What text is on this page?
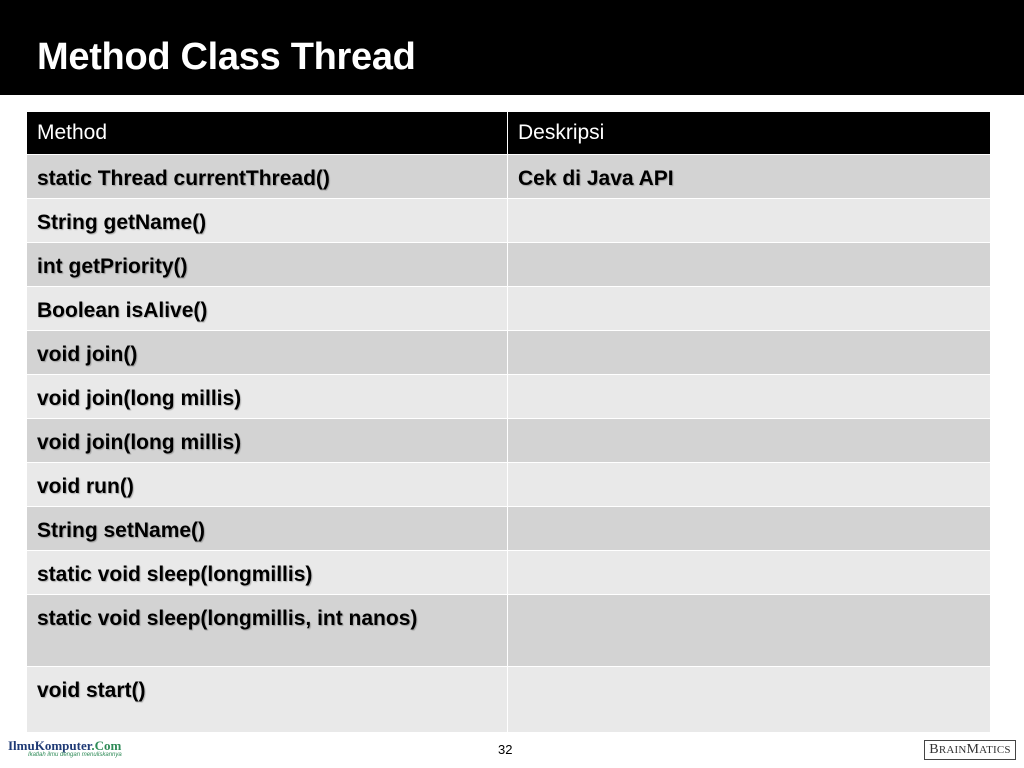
Method Class Thread
Method	Deskripsi
static Thread currentThread()	Cek di Java API
String getName()	
int getPriority()	
Boolean isAlive()	
void join()	
void join(long millis)	
void join(long millis)	
void run()	
String setName()	
static void sleep(longmillis)	
static void sleep(longmillis, int nanos)	
void start()	
IlmuKomputer.Com
Ikatlah ilmu dengan menuliskannya	32	BRAINMATICS
